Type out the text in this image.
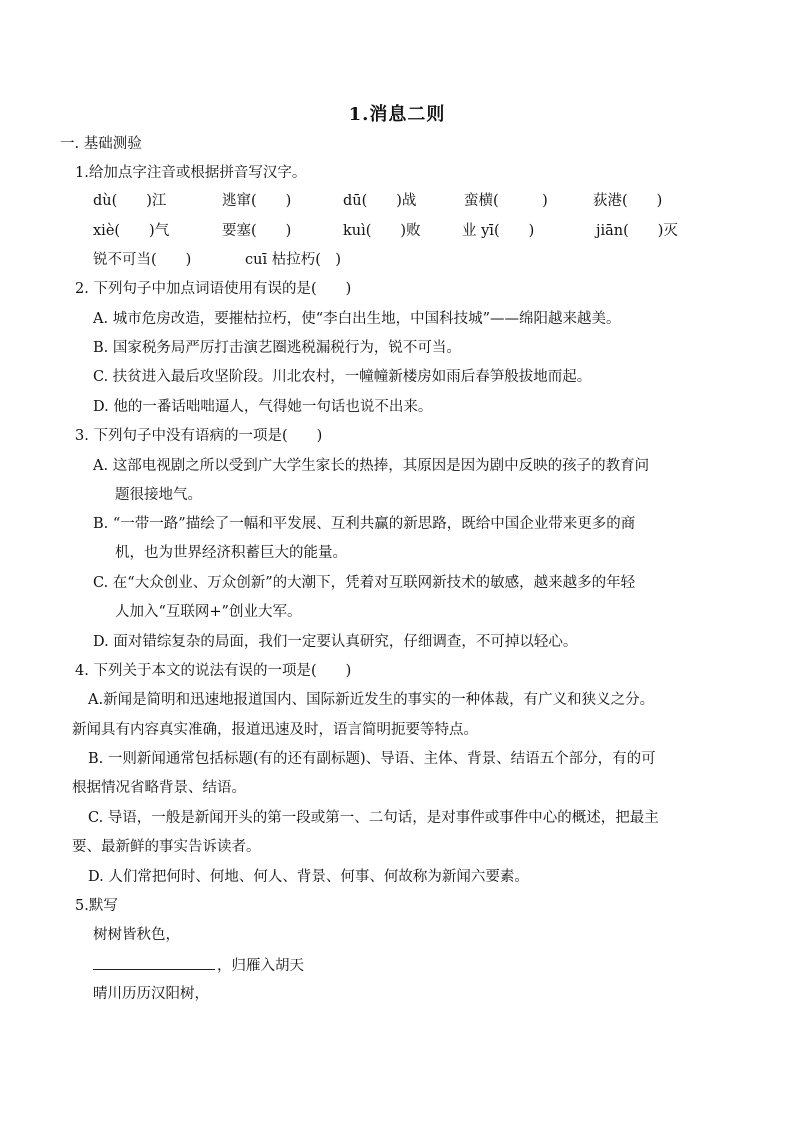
1.消息二则
一. 基础测验
1.给加点字注音或根据拼音写汉字。
dù(　　)江	逃窜(　　)	dū(　　)战	蛮横(　　　)	荻港(　　)
xiè(　　)气	要塞(　　)	kuì(　　)败	业 yī(　　)	jiān(　　)灭
锐不可当(　　)	cuī 枯拉朽(　)
2. 下列句子中加点词语使用有误的是(　　)
A. 城市危房改造，要摧枯拉朽，使“李白出生地，中国科技城”——绵阳越来越美。
B. 国家税务局严厉打击演艺圈逃税漏税行为，锐不可当。
C. 扶贫进入最后攻坚阶段。川北农村，一幢幢新楼房如雨后春笋般拔地而起。
D. 他的一番话咄咄逼人，气得她一句话也说不出来。
3. 下列句子中没有语病的一项是(　　)
A. 这部电视剧之所以受到广大学生家长的热捧，其原因是因为剧中反映的孩子的教育问
题很接地气。
B. “一带一路”描绘了一幅和平发展、互利共赢的新思路，既给中国企业带来更多的商
机，也为世界经济积蓄巨大的能量。
C. 在“大众创业、万众创新”的大潮下，凭着对互联网新技术的敏感，越来越多的年轻
人加入“互联网+”创业大军。
D. 面对错综复杂的局面，我们一定要认真研究，仔细调查，不可掉以轻心。
4. 下列关于本文的说法有误的一项是(　　)
A.新闻是简明和迅速地报道国内、国际新近发生的事实的一种体裁，有广义和狭义之分。
新闻具有内容真实准确，报道迅速及时，语言简明扼要等特点。
B. 一则新闻通常包括标题(有的还有副标题)、导语、主体、背景、结语五个部分，有的可
根据情况省略背景、结语。
C. 导语，一般是新闻开头的第一段或第一、二句话，是对事件或事件中心的概述，把最主
要、最新鲜的事实告诉读者。
D. 人们常把何时、何地、何人、背景、何事、何故称为新闻六要素。
5.默写
树树皆秋色，
，归雁入胡天
晴川历历汉阳树，
